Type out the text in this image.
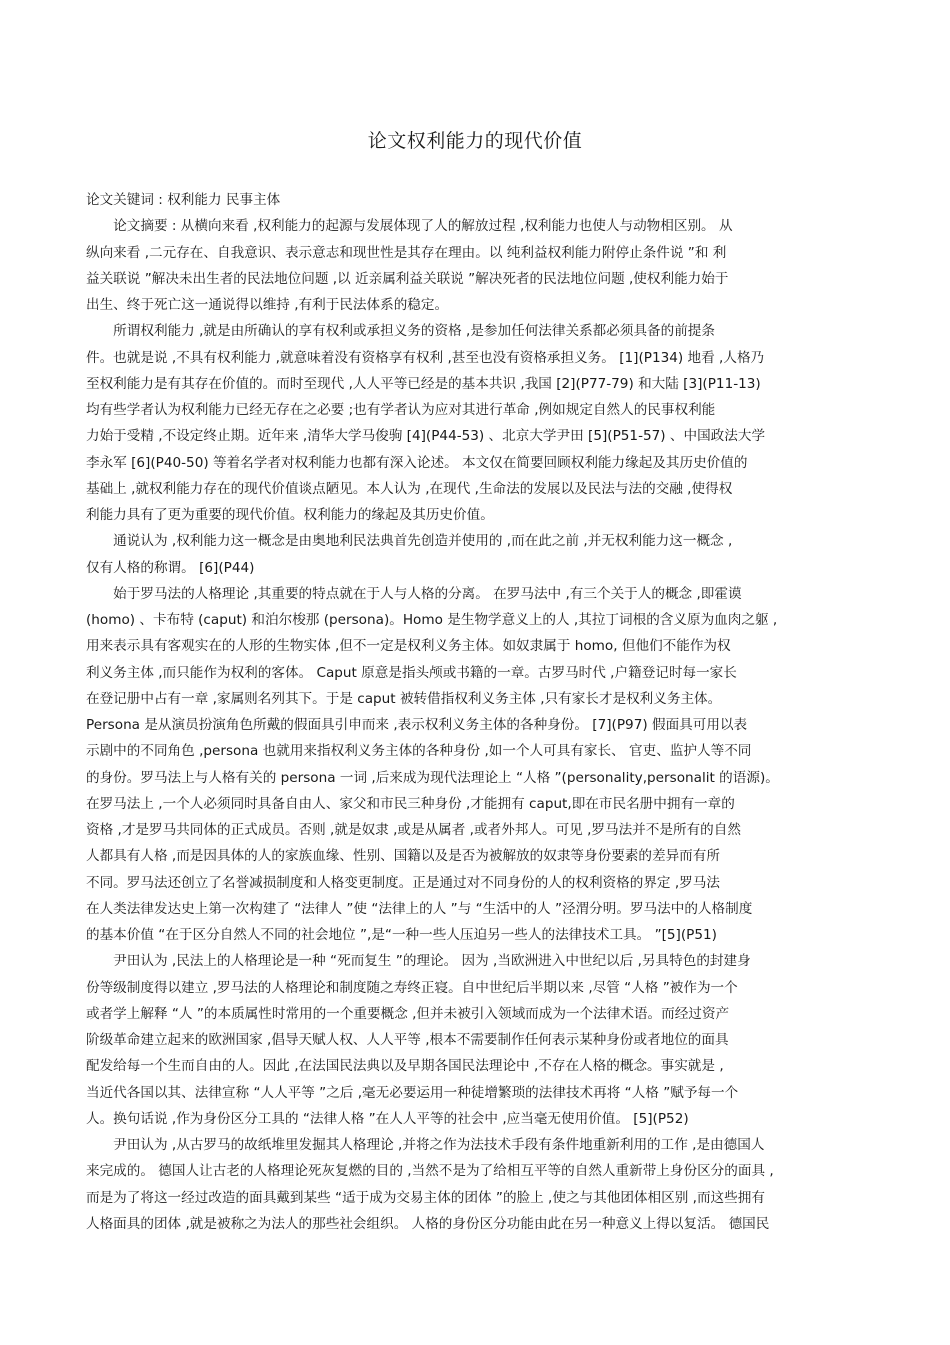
论文权利能力的现代价值
论文关键词 : 权利能力 民事主体
　　论文摘要 : 从横向来看 ,权利能力的起源与发展体现了人的解放过程 ,权利能力也使人与动物相区别。 从
纵向来看 ,二元存在、自我意识、表示意志和现世性是其存在理由。以 纯利益权利能力附停止条件说 ”和 利
益关联说 ”解决未出生者的民法地位问题 ,以 近亲属利益关联说 ”解决死者的民法地位问题 ,使权利能力始于
出生、终于死亡这一通说得以维持 ,有利于民法体系的稳定。
　　所谓权利能力 ,就是由所确认的享有权利或承担义务的资格 ,是参加任何法律关系都必须具备的前提条
件。也就是说 ,不具有权利能力 ,就意味着没有资格享有权利 ,甚至也没有资格承担义务。 [1](P134) 地看 ,人格乃
至权利能力是有其存在价值的。而时至现代 ,人人平等已经是的基本共识 ,我国 [2](P77-79) 和大陆 [3](P11-13)
均有些学者认为权利能力已经无存在之必要 ;也有学者认为应对其进行革命 ,例如规定自然人的民事权利能
力始于受精 ,不设定终止期。近年来 ,清华大学马俊驹 [4](P44-53) 、北京大学尹田 [5](P51-57) 、中国政法大学
李永军 [6](P40-50) 等着名学者对权利能力也都有深入论述。 本文仅在简要回顾权利能力缘起及其历史价值的
基础上 ,就权利能力存在的现代价值谈点陋见。本人认为 ,在现代 ,生命法的发展以及民法与法的交融 ,使得权
利能力具有了更为重要的现代价值。权利能力的缘起及其历史价值。
　　通说认为 ,权利能力这一概念是由奥地利民法典首先创造并使用的 ,而在此之前 ,并无权利能力这一概念 ,
仅有人格的称谓。 [6](P44)
　　始于罗马法的人格理论 ,其重要的特点就在于人与人格的分离。 在罗马法中 ,有三个关于人的概念 ,即霍谟
(homo) 、卡布特 (caput) 和泊尔梭那 (persona)。Homo 是生物学意义上的人 ,其拉丁词根的含义原为血肉之躯 ,
用来表示具有客观实在的人形的生物实体 ,但不一定是权利义务主体。如奴隶属于 homo, 但他们不能作为权
利义务主体 ,而只能作为权利的客体。 Caput 原意是指头颅或书籍的一章。古罗马时代 ,户籍登记时每一家长
在登记册中占有一章 ,家属则名列其下。于是 caput 被转借指权利义务主体 ,只有家长才是权利义务主体。
Persona 是从演员扮演角色所戴的假面具引申而来 ,表示权利义务主体的各种身份。 [7](P97) 假面具可用以表
示剧中的不同角色 ,persona 也就用来指权利义务主体的各种身份 ,如一个人可具有家长、 官吏、监护人等不同
的身份。罗马法上与人格有关的 persona 一词 ,后来成为现代法理论上 “人格 ”(personality,personalit 的语源)。
在罗马法上 ,一个人必须同时具备自由人、家父和市民三种身份 ,才能拥有 caput,即在市民名册中拥有一章的
资格 ,才是罗马共同体的正式成员。否则 ,就是奴隶 ,或是从属者 ,或者外邦人。可见 ,罗马法并不是所有的自然
人都具有人格 ,而是因具体的人的家族血缘、性别、国籍以及是否为被解放的奴隶等身份要素的差异而有所
不同。罗马法还创立了名誉减损制度和人格变更制度。正是通过对不同身份的人的权利资格的界定 ,罗马法
在人类法律发达史上第一次构建了 “法律人 ”使 “法律上的人 ”与 “生活中的人 ”泾渭分明。罗马法中的人格制度
的基本价值 “在于区分自然人不同的社会地位 ”,是“一种一些人压迫另一些人的法律技术工具。 ”[5](P51)
　　尹田认为 ,民法上的人格理论是一种 “死而复生 ”的理论。 因为 ,当欧洲进入中世纪以后 ,另具特色的封建身
份等级制度得以建立 ,罗马法的人格理论和制度随之寿终正寝。自中世纪后半期以来 ,尽管 “人格 ”被作为一个
或者学上解释 “人 ”的本质属性时常用的一个重要概念 ,但并未被引入领域而成为一个法律术语。而经过资产
阶级革命建立起来的欧洲国家 ,倡导天赋人权、人人平等 ,根本不需要制作任何表示某种身份或者地位的面具
配发给每一个生而自由的人。因此 ,在法国民法典以及早期各国民法理论中 ,不存在人格的概念。事实就是 ,
当近代各国以其、法律宣称 “人人平等 ”之后 ,毫无必要运用一种徒增繁琐的法律技术再将 “人格 ”赋予每一个
人。换句话说 ,作为身份区分工具的 “法律人格 ”在人人平等的社会中 ,应当毫无使用价值。 [5](P52)
　　尹田认为 ,从古罗马的故纸堆里发掘其人格理论 ,并将之作为法技术手段有条件地重新利用的工作 ,是由德国人
来完成的。 德国人让古老的人格理论死灰复燃的目的 ,当然不是为了给相互平等的自然人重新带上身份区分的面具 ,
而是为了将这一经过改造的面具戴到某些 “适于成为交易主体的团体 ”的脸上 ,使之与其他团体相区别 ,而这些拥有
人格面具的团体 ,就是被称之为法人的那些社会组织。 人格的身份区分功能由此在另一种意义上得以复活。 德国民
